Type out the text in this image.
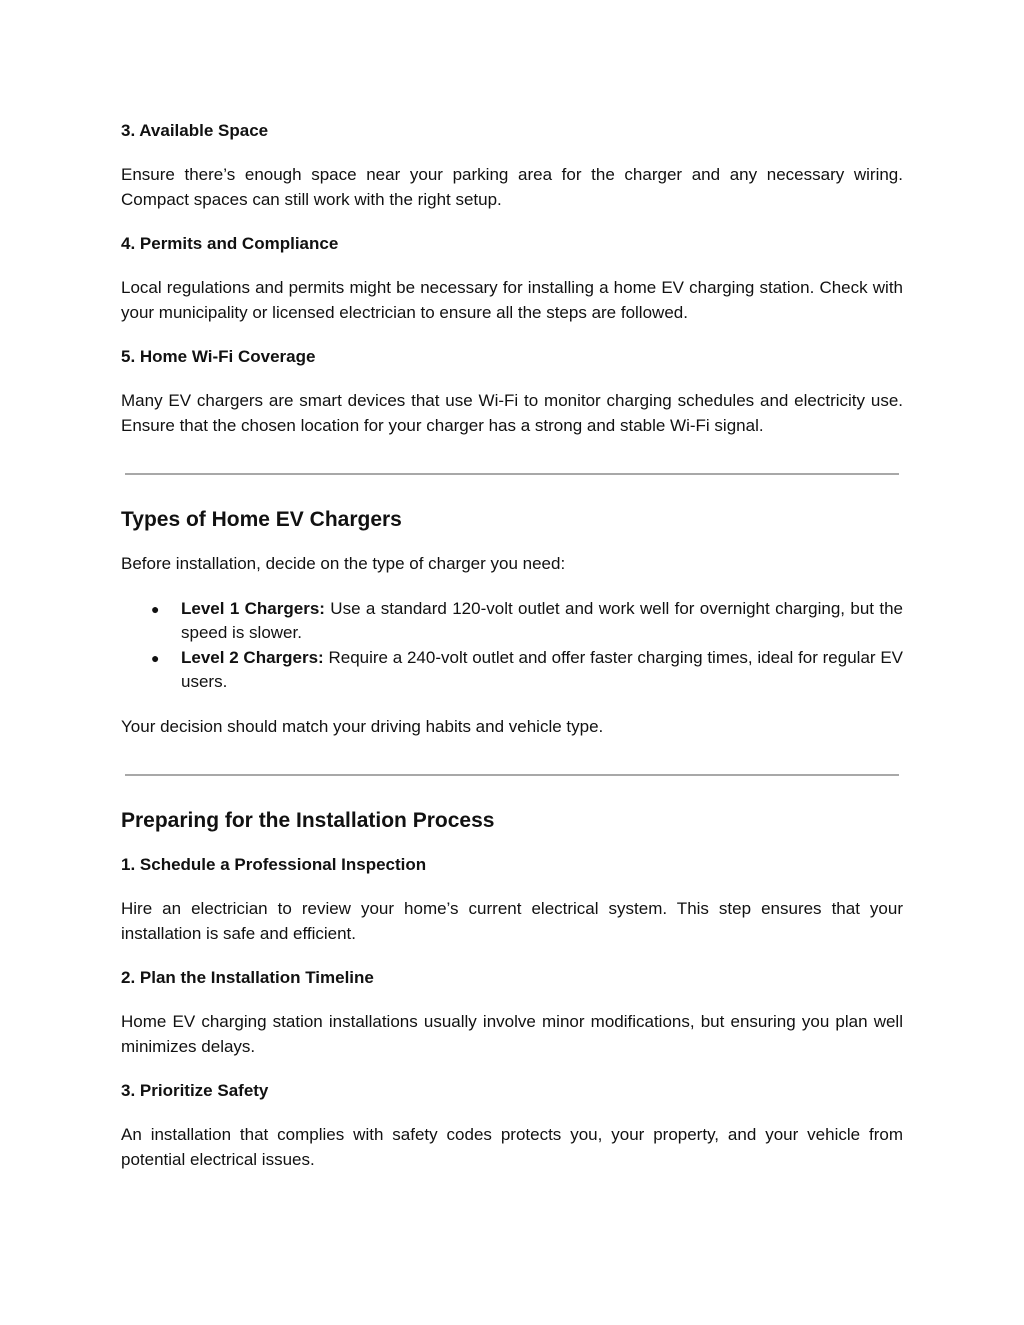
3. Available Space
Ensure there’s enough space near your parking area for the charger and any necessary wiring. Compact spaces can still work with the right setup.
4. Permits and Compliance
Local regulations and permits might be necessary for installing a home EV charging station. Check with your municipality or licensed electrician to ensure all the steps are followed.
5. Home Wi-Fi Coverage
Many EV chargers are smart devices that use Wi-Fi to monitor charging schedules and electricity use. Ensure that the chosen location for your charger has a strong and stable Wi-Fi signal.
Types of Home EV Chargers
Before installation, decide on the type of charger you need:
● Level 1 Chargers: Use a standard 120-volt outlet and work well for overnight charging, but the speed is slower.
● Level 2 Chargers: Require a 240-volt outlet and offer faster charging times, ideal for regular EV users.
Your decision should match your driving habits and vehicle type.
Preparing for the Installation Process
1. Schedule a Professional Inspection
Hire an electrician to review your home’s current electrical system. This step ensures that your installation is safe and efficient.
2. Plan the Installation Timeline
Home EV charging station installations usually involve minor modifications, but ensuring you plan well minimizes delays.
3. Prioritize Safety
An installation that complies with safety codes protects you, your property, and your vehicle from potential electrical issues.
